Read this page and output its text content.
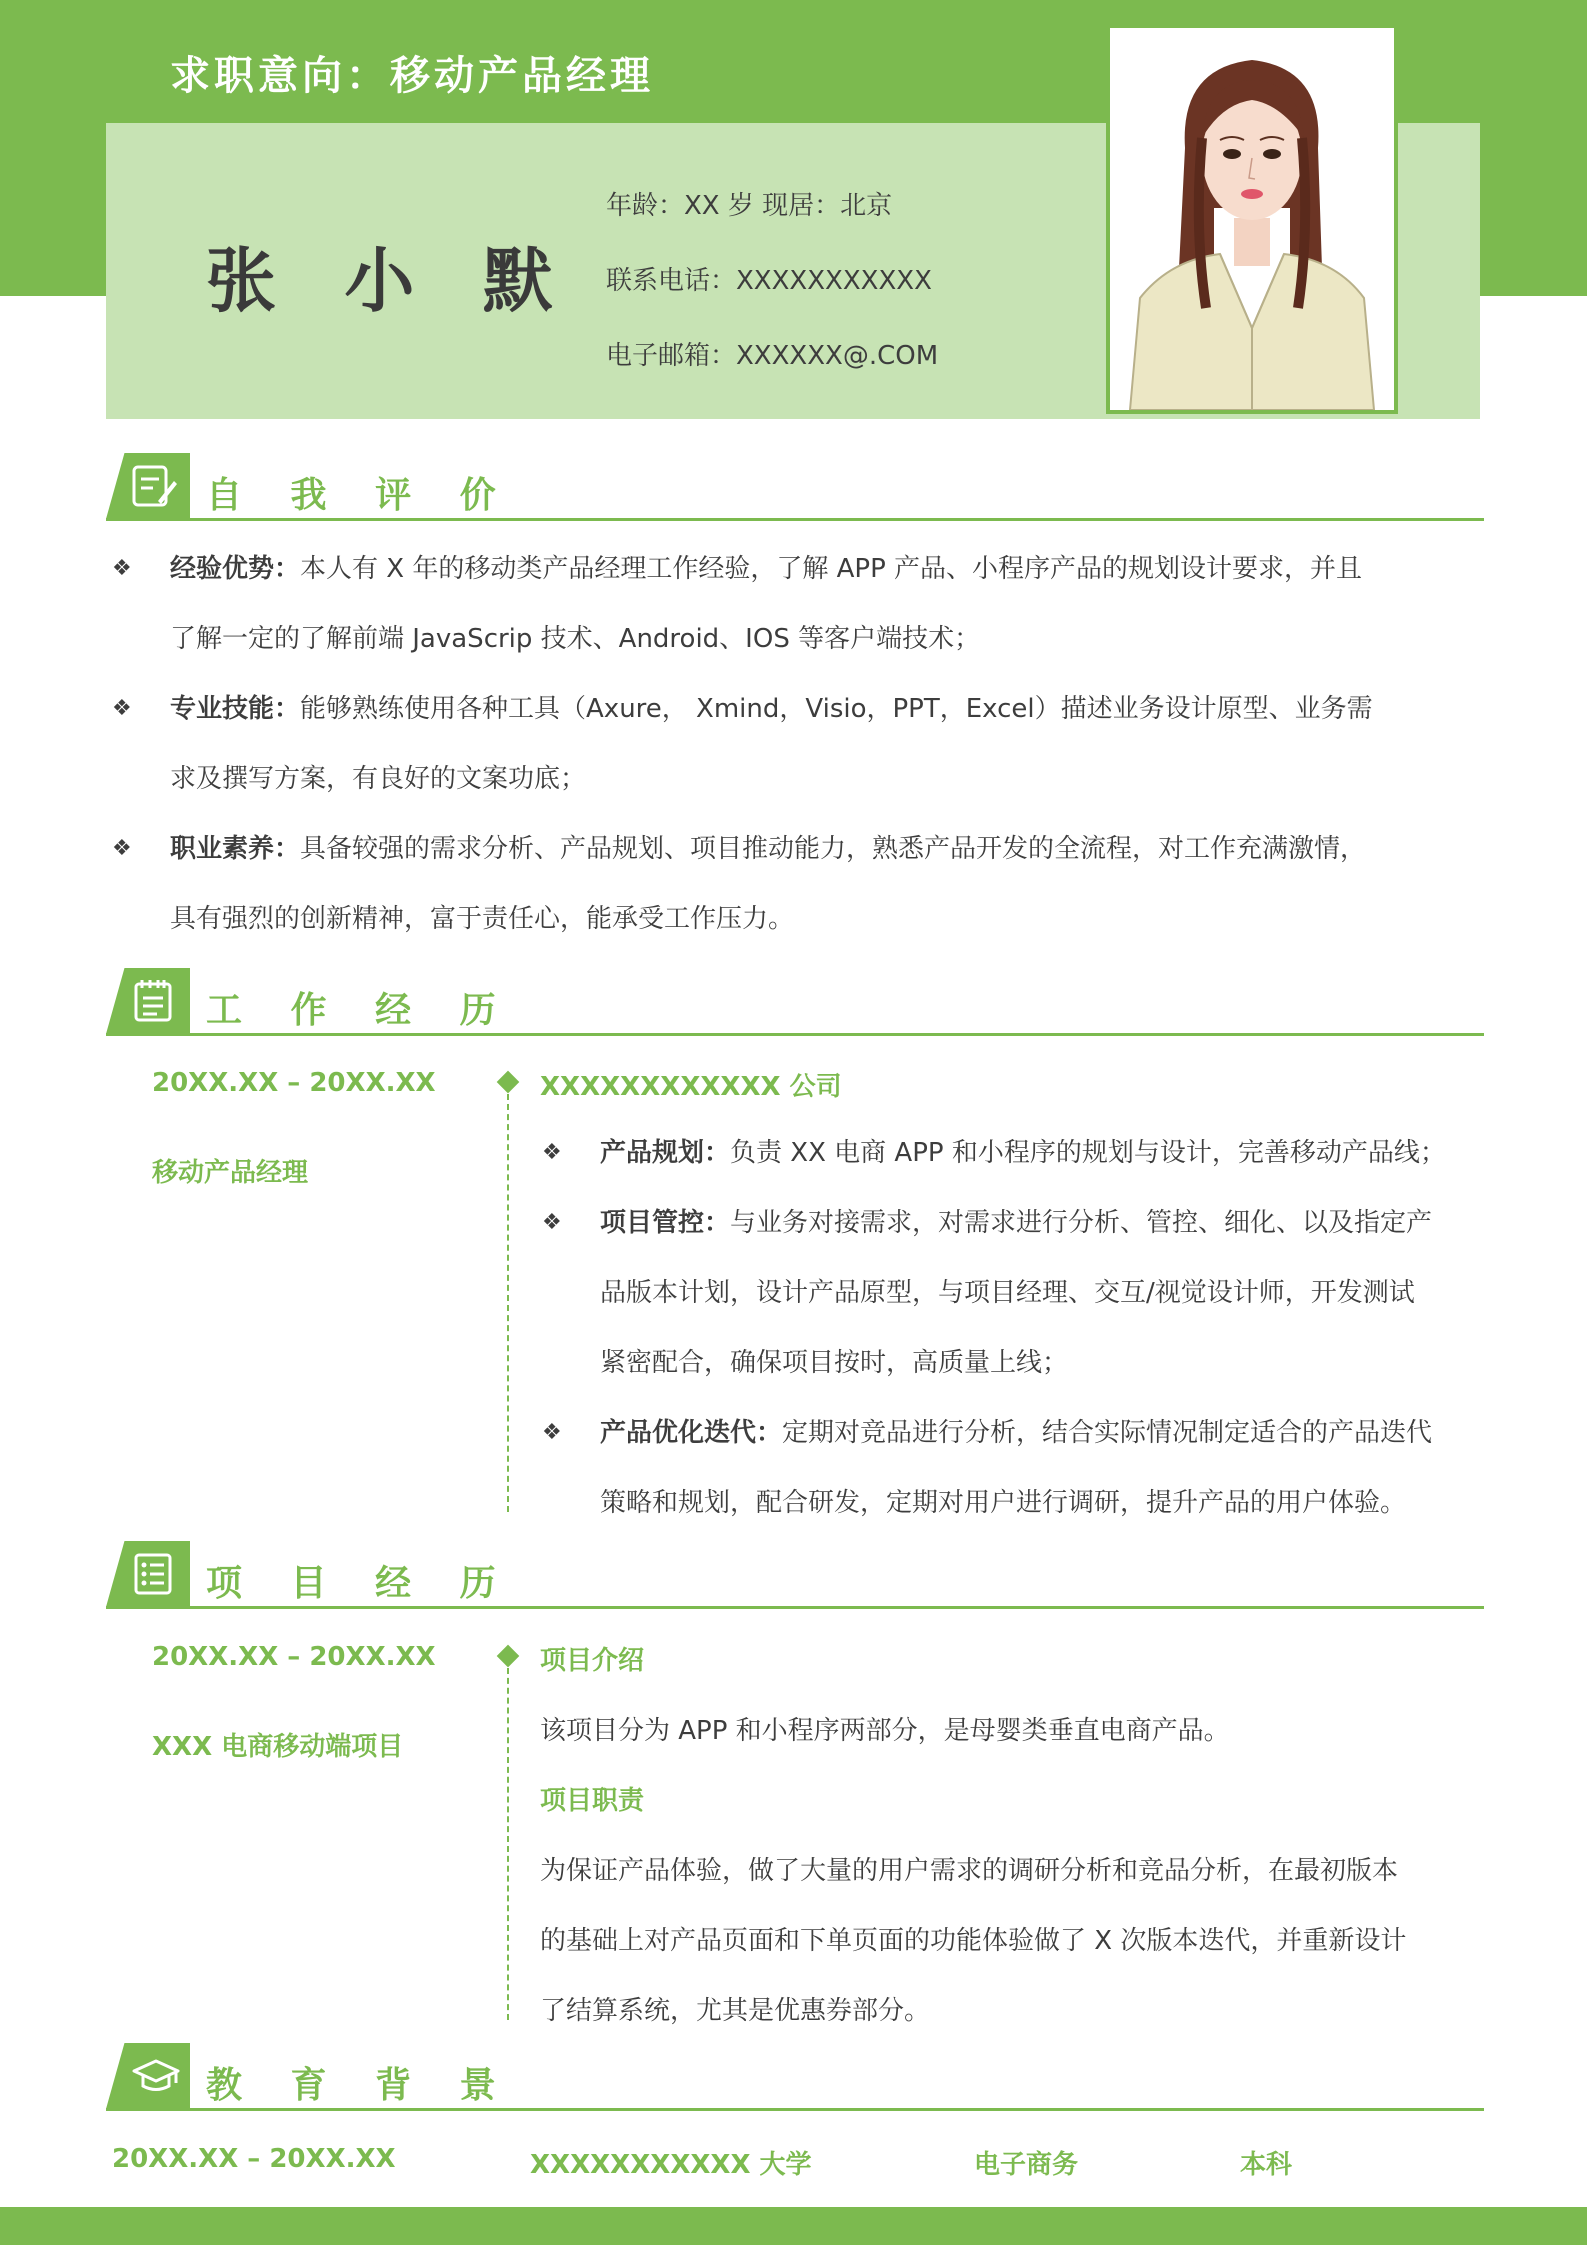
求职意向：移动产品经理
张 小 默
年龄：XX 岁 现居：北京
联系电话：XXXXXXXXXXX
电子邮箱：XXXXXX@.COM
自 我 评 价
❖ 经验优势：本人有 X 年的移动类产品经理工作经验，了解 APP 产品、小程序产品的规划设计要求，并且
了解一定的了解前端 JavaScrip 技术、Android、IOS 等客户端技术；
❖ 专业技能：能够熟练使用各种工具（Axure， Xmind，Visio，PPT，Excel）描述业务设计原型、业务需
求及撰写方案，有良好的文案功底；
❖ 职业素养：具备较强的需求分析、产品规划、项目推动能力，熟悉产品开发的全流程，对工作充满激情，
具有强烈的创新精神，富于责任心，能承受工作压力。
工 作 经 历
20XX.XX – 20XX.XX
移动产品经理
XXXXXXXXXXXX 公司
❖ 产品规划：负责 XX 电商 APP 和小程序的规划与设计，完善移动产品线；
❖ 项目管控：与业务对接需求，对需求进行分析、管控、细化、以及指定产
品版本计划，设计产品原型，与项目经理、交互/视觉设计师，开发测试
紧密配合，确保项目按时，高质量上线；
❖ 产品优化迭代：定期对竞品进行分析，结合实际情况制定适合的产品迭代
策略和规划，配合研发，定期对用户进行调研，提升产品的用户体验。
项 目 经 历
20XX.XX – 20XX.XX
XXX 电商移动端项目
项目介绍
该项目分为 APP 和小程序两部分，是母婴类垂直电商产品。
项目职责
为保证产品体验，做了大量的用户需求的调研分析和竞品分析，在最初版本
的基础上对产品页面和下单页面的功能体验做了 X 次版本迭代，并重新设计
了结算系统，尤其是优惠券部分。
教 育 背 景
20XX.XX – 20XX.XX	XXXXXXXXXXX 大学	电子商务	本科
